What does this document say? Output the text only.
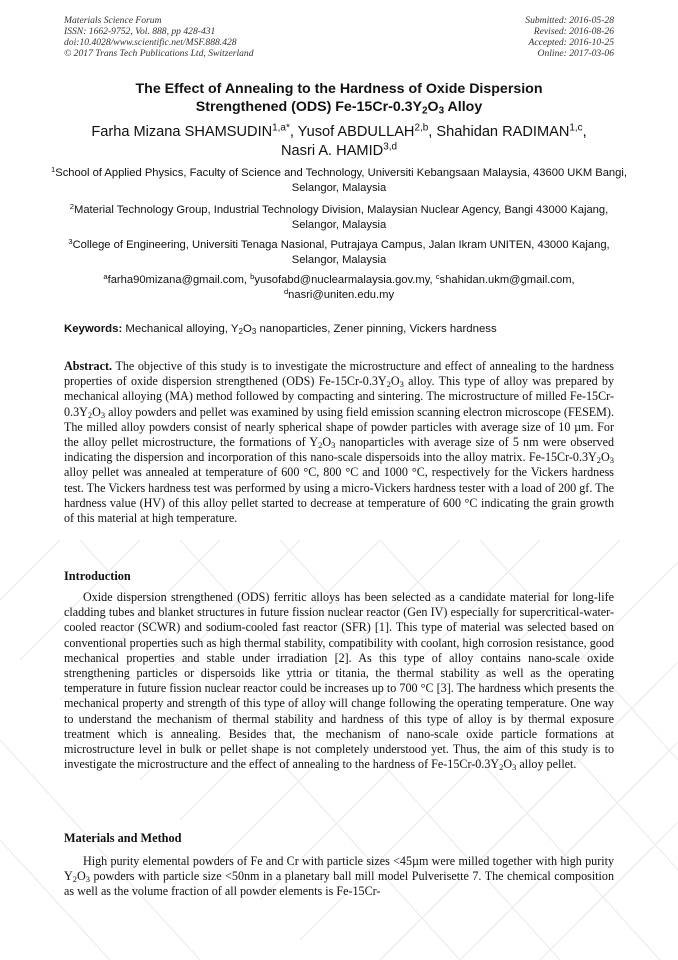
Materials Science Forum
ISSN: 1662-9752, Vol. 888, pp 428-431
doi:10.4028/www.scientific.net/MSF.888.428
© 2017 Trans Tech Publications Ltd, Switzerland
Submitted: 2016-05-28
Revised: 2016-08-26
Accepted: 2016-10-25
Online: 2017-03-06
The Effect of Annealing to the Hardness of Oxide Dispersion
Strengthened (ODS) $Fe-15Cr-0.3Y_2O_3$ Alloy
Farha Mizana $SHAMSUDIN^{1,a*}$, Yusof ABDULLAH$^{2,b}$, Shahidan RADIMAN$^{1,c}$,
Nasri A. HAMID$^{3,d}$
$^1$School of Applied Physics, Faculty of Science and Technology, Universiti Kebangsaan Malaysia, 43600 UKM Bangi, Selangor, Malaysia
$^2$Material Technology Group, Industrial Technology Division, Malaysian Nuclear Agency, Bangi 43000 Kajang, Selangor, Malaysia
$^3$College of Engineering, Universiti Tenaga Nasional, Putrajaya Campus, Jalan Ikram UNITEN, 43000 Kajang, Selangor, Malaysia
$^a$farha90mizana@gmail.com, $^b$yusofabd@nuclearmalaysia.gov.my, $^c$shahidan.ukm@gmail.com,
$^d$nasri@uniten.edu.my
Keywords: Mechanical alloying, $Y_2O_3$ nanoparticles, Zener pinning, Vickers hardness
Abstract. The objective of this study is to investigate the microstructure and effect of annealing to the hardness properties of oxide dispersion strengthened (ODS) $Fe-15Cr-0.3Y_2O_3$ alloy. This type of alloy was prepared by mechanical alloying (MA) method followed by compacting and sintering. The microstructure of milled $Fe-15Cr-0.3Y_2O_3$ alloy powders and pellet was examined by using field emission scanning electron microscope (FESEM). The milled alloy powders consist of nearly spherical shape of powder particles with average size of 10 µm. For the alloy pellet microstructure, the formations of $Y_2O_3$ nanoparticles with average size of 5 nm were observed indicating the dispersion and incorporation of this nano-scale dispersoids into the alloy matrix. $Fe-15Cr-0.3Y_2O_3$ alloy pellet was annealed at temperature of 600 °C, 800 °C and 1000 °C, respectively for the Vickers hardness test. The Vickers hardness test was performed by using a micro-Vickers hardness tester with a load of 200 gf. The hardness value (HV) of this alloy pellet started to decrease at temperature of 600 °C indicating the grain growth of this material at high temperature.
Introduction
Oxide dispersion strengthened (ODS) ferritic alloys has been selected as a candidate material for long-life cladding tubes and blanket structures in future fission nuclear reactor (Gen IV) especially for supercritical-water-cooled reactor (SCWR) and sodium-cooled fast reactor (SFR) [1]. This type of material was selected based on conventional properties such as high thermal stability, compatibility with coolant, high corrosion resistance, good mechanical properties and stable under irradiation [2]. As this type of alloy contains nano-scale oxide strengthening particles or dispersoids like yttria or titania, the thermal stability as well as the operating temperature in future fission nuclear reactor could be increases up to 700 °C [3]. The hardness which presents the mechanical property and strength of this type of alloy will change following the operating temperature. One way to understand the mechanism of thermal stability and hardness of this type of alloy is by thermal exposure treatment which is annealing. Besides that, the mechanism of nano-scale oxide particle formations at microstructure level in bulk or pellet shape is not completely understood yet. Thus, the aim of this study is to investigate the microstructure and the effect of annealing to the hardness of $Fe-15Cr-0.3Y_2O_3$ alloy pellet.
Materials and Method
High purity elemental powders of Fe and Cr with particle sizes <45µm were milled together with high purity $Y_2O_3$ powders with particle size <50nm in a planetary ball mill model Pulverisette 7. The chemical composition as well as the volume fraction of all powder elements is Fe-15Cr-
